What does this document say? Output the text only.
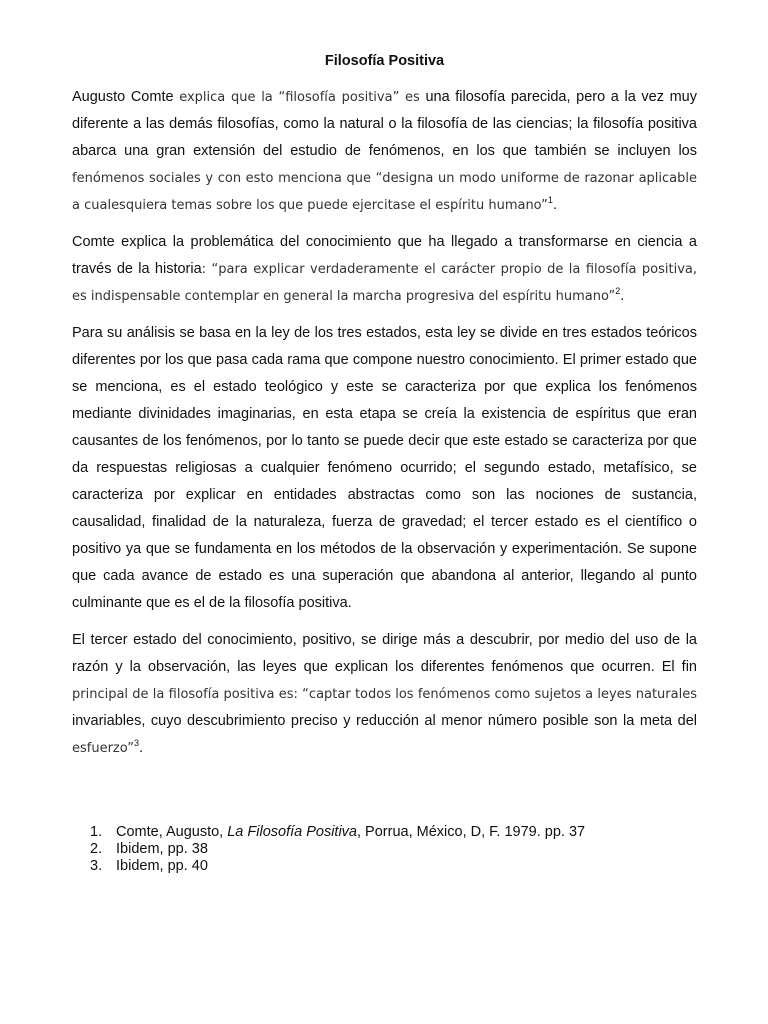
Filosofía Positiva

Augusto Comte explica que la “filosofía positiva” es una filosofía parecida, pero a la vez muy diferente a las demás filosofías, como la natural o la filosofía de las ciencias; la filosofía positiva abarca una gran extensión del estudio de fenómenos, en los que también se incluyen los fenómenos sociales y con esto menciona que “designa un modo uniforme de razonar aplicable a cualesquiera temas sobre los que puede ejercitase el espíritu humano”$^1$.

Comte explica la problemática del conocimiento que ha llegado a transformarse en ciencia a través de la historia: “para explicar verdaderamente el carácter propio de la filosofía positiva, es indispensable contemplar en general la marcha progresiva del espíritu humano”$^2$.

Para su análisis se basa en la ley de los tres estados, esta ley se divide en tres estados teóricos diferentes por los que pasa cada rama que compone nuestro conocimiento. El primer estado que se menciona, es el estado teológico y este se caracteriza por que explica los fenómenos mediante divinidades imaginarias, en esta etapa se creía la existencia de espíritus que eran causantes de los fenómenos, por lo tanto se puede decir que este estado se caracteriza por que da respuestas religiosas a cualquier fenómeno ocurrido; el segundo estado, metafísico, se caracteriza por explicar en entidades abstractas como son las nociones de sustancia, causalidad, finalidad de la naturaleza, fuerza de gravedad; el tercer estado es el científico o positivo ya que se fundamenta en los métodos de la observación y experimentación. Se supone que cada avance de estado es una superación que abandona al anterior, llegando al punto culminante que es el de la filosofía positiva.

El tercer estado del conocimiento, positivo, se dirige más a descubrir, por medio del uso de la razón y la observación, las leyes que explican los diferentes fenómenos que ocurren. El fin principal de la filosofía positiva es: “captar todos los fenómenos como sujetos a leyes naturales invariables, cuyo descubrimiento preciso y reducción al menor número posible son la meta del esfuerzo”$^3$.

1. Comte, Augusto, La Filosofía Positiva, Porrua, México, D, F. 1979. pp. 37
2. Ibidem, pp. 38
3. Ibidem, pp. 40
